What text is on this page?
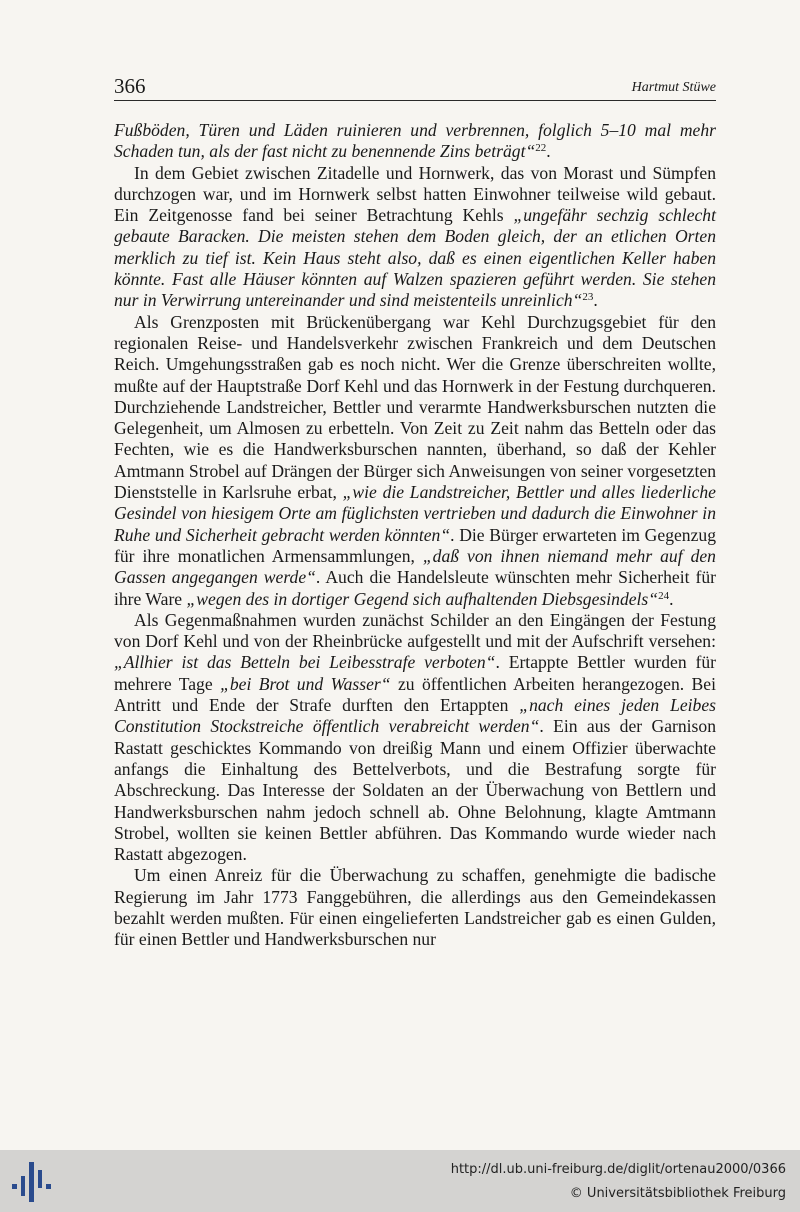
366	Hartmut Stüwe

Fußböden, Türen und Läden ruinieren und verbrennen, folglich 5–10 mal mehr Schaden tun, als der fast nicht zu benennende Zins beträgt“$^{22}$.

In dem Gebiet zwischen Zitadelle und Hornwerk, das von Morast und Sümpfen durchzogen war, und im Hornwerk selbst hatten Einwohner teilweise wild gebaut. Ein Zeitgenosse fand bei seiner Betrachtung Kehls „ungefähr sechzig schlecht gebaute Baracken. Die meisten stehen dem Boden gleich, der an etlichen Orten merklich zu tief ist. Kein Haus steht also, daß es einen eigentlichen Keller haben könnte. Fast alle Häuser könnten auf Walzen spazieren geführt werden. Sie stehen nur in Verwirrung untereinander und sind meistenteils unreinlich“$^{23}$.

Als Grenzposten mit Brückenübergang war Kehl Durchzugsgebiet für den regionalen Reise- und Handelsverkehr zwischen Frankreich und dem Deutschen Reich. Umgehungsstraßen gab es noch nicht. Wer die Grenze überschreiten wollte, mußte auf der Hauptstraße Dorf Kehl und das Hornwerk in der Festung durchqueren. Durchziehende Landstreicher, Bettler und verarmte Handwerksburschen nutzten die Gelegenheit, um Almosen zu erbetteln. Von Zeit zu Zeit nahm das Betteln oder das Fechten, wie es die Handwerksburschen nannten, überhand, so daß der Kehler Amtmann Strobel auf Drängen der Bürger sich Anweisungen von seiner vorgesetzten Dienststelle in Karlsruhe erbat, „wie die Landstreicher, Bettler und alles liederliche Gesindel von hiesigem Orte am füglichsten vertrieben und dadurch die Einwohner in Ruhe und Sicherheit gebracht werden könnten“. Die Bürger erwarteten im Gegenzug für ihre monatlichen Armensammlungen, „daß von ihnen niemand mehr auf den Gassen angegangen werde“. Auch die Handelsleute wünschten mehr Sicherheit für ihre Ware „wegen des in dortiger Gegend sich aufhaltenden Diebsgesindels“$^{24}$.

Als Gegenmaßnahmen wurden zunächst Schilder an den Eingängen der Festung von Dorf Kehl und von der Rheinbrücke aufgestellt und mit der Aufschrift versehen: „Allhier ist das Betteln bei Leibesstrafe verboten“. Ertappte Bettler wurden für mehrere Tage „bei Brot und Wasser“ zu öffentlichen Arbeiten herangezogen. Bei Antritt und Ende der Strafe durften den Ertappten „nach eines jeden Leibes Constitution Stockstreiche öffentlich verabreicht werden“. Ein aus der Garnison Rastatt geschicktes Kommando von dreißig Mann und einem Offizier überwachte anfangs die Einhaltung des Bettelverbots, und die Bestrafung sorgte für Abschreckung. Das Interesse der Soldaten an der Überwachung von Bettlern und Handwerksburschen nahm jedoch schnell ab. Ohne Belohnung, klagte Amtmann Strobel, wollten sie keinen Bettler abführen. Das Kommando wurde wieder nach Rastatt abgezogen.

Um einen Anreiz für die Überwachung zu schaffen, genehmigte die badische Regierung im Jahr 1773 Fanggebühren, die allerdings aus den Gemeindekassen bezahlt werden mußten. Für einen eingelieferten Landstreicher gab es einen Gulden, für einen Bettler und Handwerksburschen nur

http://dl.ub.uni-freiburg.de/diglit/ortenau2000/0366
© Universitätsbibliothek Freiburg
